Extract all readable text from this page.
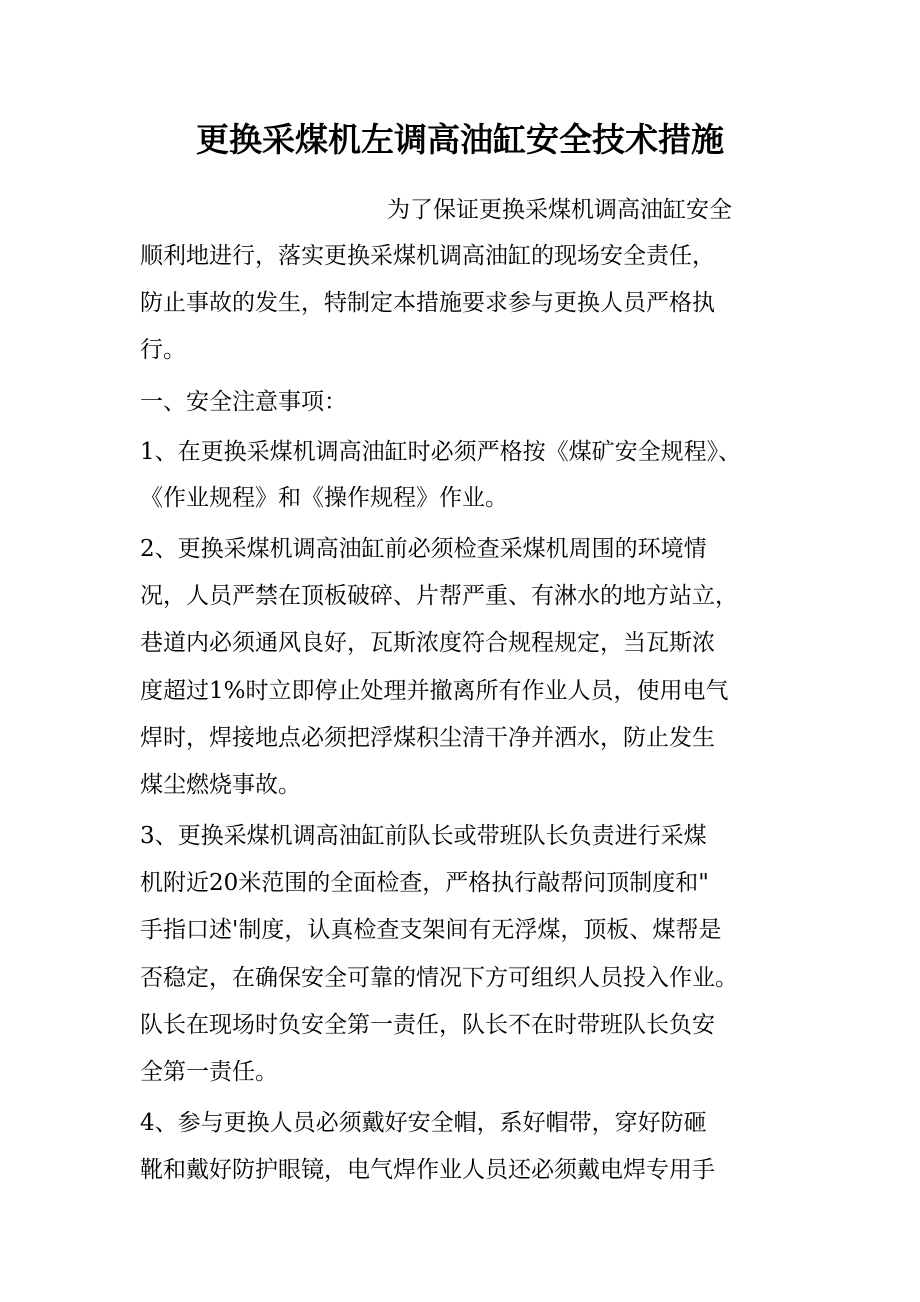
更换采煤机左调高油缸安全技术措施
为了保证更换采煤机调高油缸安全
顺利地进行，落实更换采煤机调高油缸的现场安全责任，
防止事故的发生，特制定本措施要求参与更换人员严格执
行。
一、安全注意事项：
1、在更换采煤机调高油缸时必须严格按《煤矿安全规程》、
《作业规程》和《操作规程》作业。
2、更换采煤机调高油缸前必须检查采煤机周围的环境情
况，人员严禁在顶板破碎、片帮严重、有淋水的地方站立，
巷道内必须通风良好，瓦斯浓度符合规程规定，当瓦斯浓
度超过1%时立即停止处理并撤离所有作业人员，使用电气
焊时，焊接地点必须把浮煤积尘清干净并洒水，防止发生
煤尘燃烧事故。
3、更换采煤机调高油缸前队长或带班队长负责进行采煤
机附近20米范围的全面检查，严格执行敲帮问顶制度和"
手指口述'制度，认真检查支架间有无浮煤，顶板、煤帮是
否稳定，在确保安全可靠的情况下方可组织人员投入作业。
队长在现场时负安全第一责任，队长不在时带班队长负安
全第一责任。
4、参与更换人员必须戴好安全帽，系好帽带，穿好防砸
靴和戴好防护眼镜，电气焊作业人员还必须戴电焊专用手
